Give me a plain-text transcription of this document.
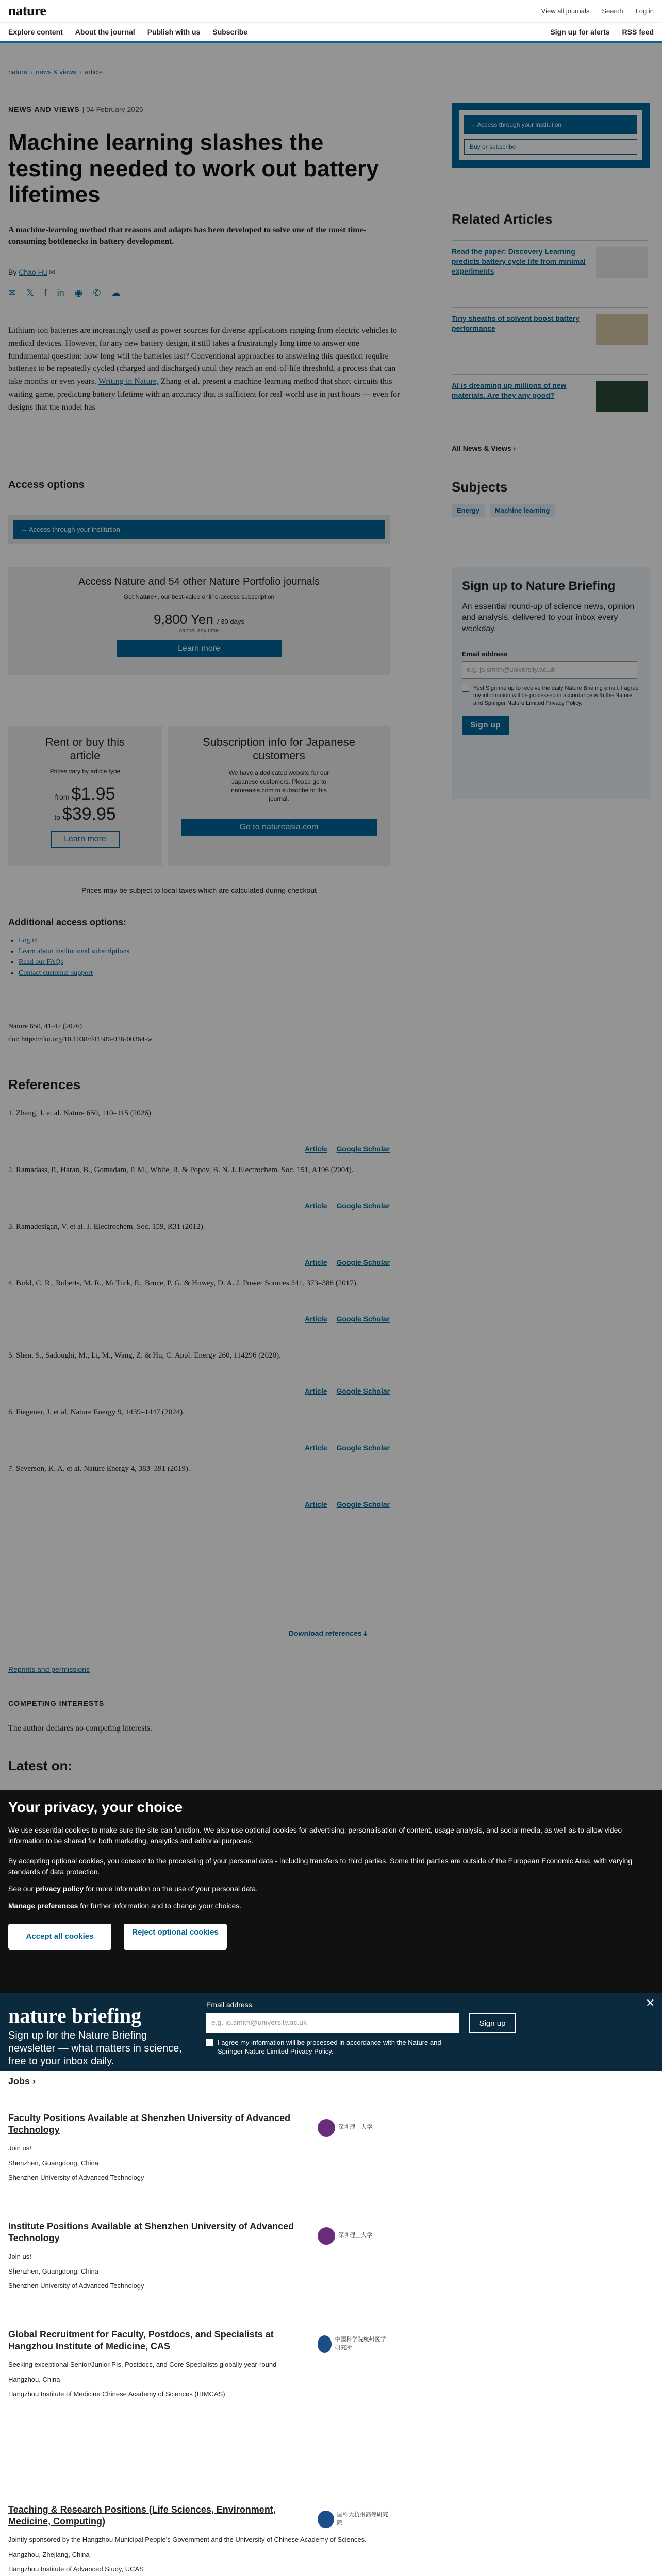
nature	View all journals Search Log in
Explore content About the journal Publish with us Subscribe	Sign up for alerts RSS feed
nature › news & views › article
NEWS AND VIEWS | 04 February 2026
Machine learning slashes the testing needed to work out battery lifetimes

A machine-learning method that reasons and adapts has been developed to solve one of the most time-consuming bottlenecks in battery development.

By Chao Hu ✉
✉ 𝕏 f in ◉ ✆ ☁

Lithium-ion batteries are increasingly used as power sources for diverse applications ranging from electric vehicles to medical devices. However, for any new battery design, it still takes a frustratingly long time to answer one fundamental question: how long will the batteries last? Conventional approaches to answering this question require batteries to be repeatedly cycled (charged and discharged) until they reach an end-of-life threshold, a process that can take months or even years. Writing in Nature, Zhang et al. present a machine-learning method that short-circuits this waiting game, predicting battery lifetime with an accuracy that is sufficient for real-world use in just hours — even for designs that the model has

Access options
→ Access through your institution
Access Nature and 54 other Nature Portfolio journals
Get Nature+, our best-value online-access subscription
9,800 Yen / 30 days
cancel any time
Learn more
Rent or buy this article
Prices vary by article type
from $1.95
to $39.95
Learn more
Subscription info for Japanese customers
We have a dedicated website for our Japanese customers. Please go to natureasia.com to subscribe to this journal.
Go to natureasia.com
Prices may be subject to local taxes which are calculated during checkout
Additional access options:
• Log in
• Learn about institutional subscriptions
• Read our FAQs
• Contact customer support
Nature 650, 41-42 (2026)
doi: https://doi.org/10.1038/d41586-026-00364-w
References
1. Zhang, J. et al. Nature 650, 110–115 (2026).
Article Google Scholar
2. Ramadass, P., Haran, B., Gomadam, P. M., White, R. & Popov, B. N. J. Electrochem. Soc. 151, A196 (2004).
Article Google Scholar
3. Ramadesigan, V. et al. J. Electrochem. Soc. 159, R31 (2012).
Article Google Scholar
4. Birkl, C. R., Roberts, M. R., McTurk, E., Bruce, P. G. & Howey, D. A. J. Power Sources 341, 373–386 (2017).
Article Google Scholar
5. Shen, S., Sadoughi, M., Li, M., Wang, Z. & Hu, C. Appl. Energy 260, 114296 (2020).
Article Google Scholar
6. Fiegener, J. et al. Nature Energy 9, 1439–1447 (2024).
Article Google Scholar
7. Severson, K. A. et al. Nature Energy 4, 383–391 (2019).
Article Google Scholar
Download references ⤓
Reprints and permissions
COMPETING INTERESTS
The author declares no competing interests.
Latest on:
→ Access through your institution
Buy or subscribe
Related Articles
Read the paper: Discovery Learning predicts battery cycle life from minimal experiments
Tiny sheaths of solvent boost battery performance
AI is dreaming up millions of new materials. Are they any good?
All News & Views ›
Subjects
Energy	Machine learning
Sign up to Nature Briefing

An essential round-up of science news, opinion and analysis, delivered to your inbox every weekday.

Email address
e.g. jo.smith@university.ac.uk
Yes! Sign me up to receive the daily Nature Briefing email. I agree my information will be processed in accordance with the Nature and Springer Nature Limited Privacy Policy.
Sign up
Your privacy, your choice

We use essential cookies to make sure the site can function. We also use optional cookies for advertising, personalisation of content, usage analysis, and social media, as well as to allow video information to be shared for both marketing, analytics and editorial purposes.

By accepting optional cookies, you consent to the processing of your personal data - including transfers to third parties. Some third parties are outside of the European Economic Area, with varying standards of data protection.

See our privacy policy for more information on the use of your personal data.

Manage preferences for further information and to change your choices.

Accept all cookies	Reject optional cookies
nature briefing
Sign up for the Nature Briefing newsletter — what matters in science, free to your inbox daily.
Email address
e.g. jo.smith@university.ac.uk	Sign up
I agree my information will be processed in accordance with the Nature and Springer Nature Limited Privacy Policy.
✕
Jobs ›
Faculty Positions Available at Shenzhen University of Advanced Technology
Join us!
Shenzhen, Guangdong, China
Shenzhen University of Advanced Technology
深圳理工大学
Institute Positions Available at Shenzhen University of Advanced Technology
Join us!
Shenzhen, Guangdong, China
Shenzhen University of Advanced Technology
深圳理工大学
Global Recruitment for Faculty, Postdocs, and Specialists at Hangzhou Institute of Medicine, CAS
Seeking exceptional Senior/Junior PIs, Postdocs, and Core Specialists globally year-round
Hangzhou, China
Hangzhou Institute of Medicine Chinese Academy of Sciences (HIMCAS)
中国科学院杭州医学研究所
Teaching & Research Positions (Life Sciences, Environment, Medicine, Computing)
Jointly sponsored by the Hangzhou Municipal People's Government and the University of Chinese Academy of Sciences.
Hangzhou, Zhejiang, China
Hangzhou Institute of Advanced Study, UCAS
国科大杭州高等研究院
